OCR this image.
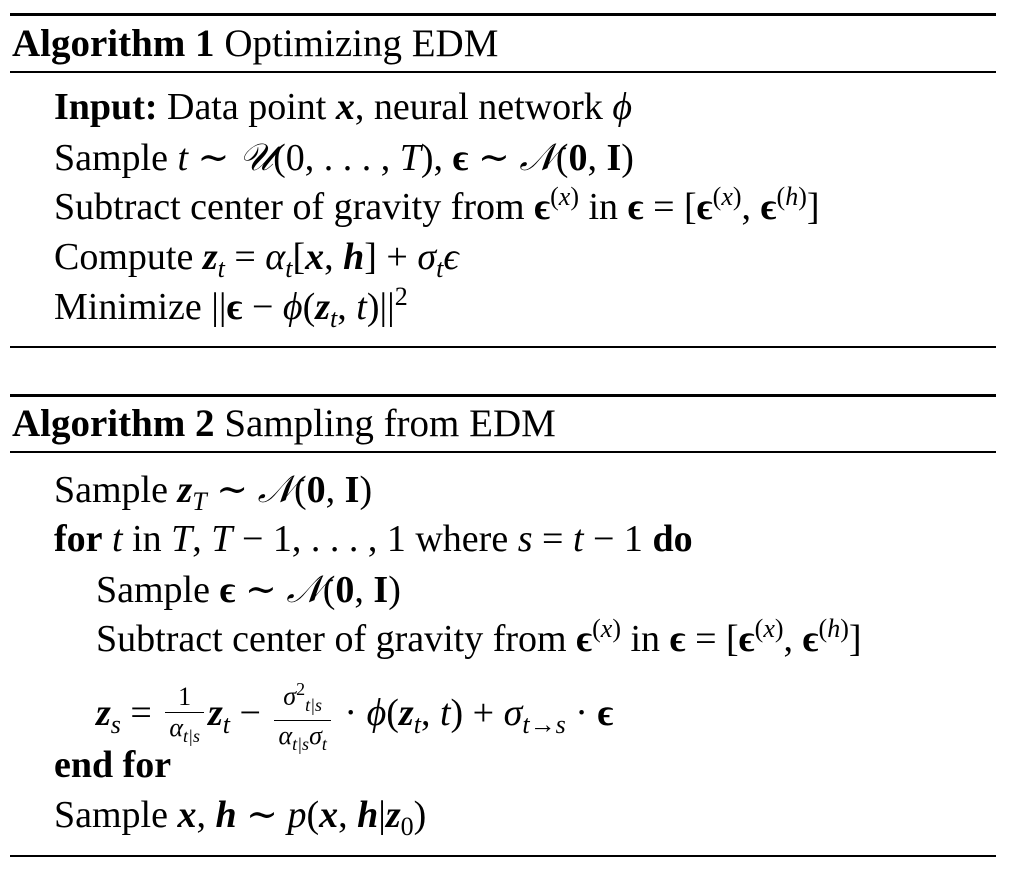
Algorithm 1 Optimizing EDM
Input: Data point x, neural network ϕ
Sample t ∼ 𝒰(0, . . . , T), ϵ ∼ 𝒩(0, I)
Subtract center of gravity from $\epsilon^{(x)}$ in $\epsilon = [\epsilon^{(x)}$, $\epsilon^{(h)}$]
Compute $z_t = \alpha_t[x$, $h] + \sigma_t\epsilon$
Minimize $||\epsilon - \phi(z_t$, $t)||^2$
Algorithm 2 Sampling from EDM
Sample $z_T$ ∼ 𝒩(0, I)
for t in T, T − 1, . . . , 1 where s = t − 1 do
Sample ϵ ∼ 𝒩(0, I)
Subtract center of gravity from $\epsilon^{(x)}$ in $\epsilon = [\epsilon^{(x)}$, $\epsilon^{(h)}$]
$z_s = \frac{1}{\alpha_{t|s}} z_t - \frac{\sigma^2_{t|s}}{\alpha_{t|s}\sigma_t} \cdot \phi(z_t$, $t) + \sigma_{t\to s} \cdot \epsilon$
end for
Sample x, h ∼ p(x, $h|z_0$)
